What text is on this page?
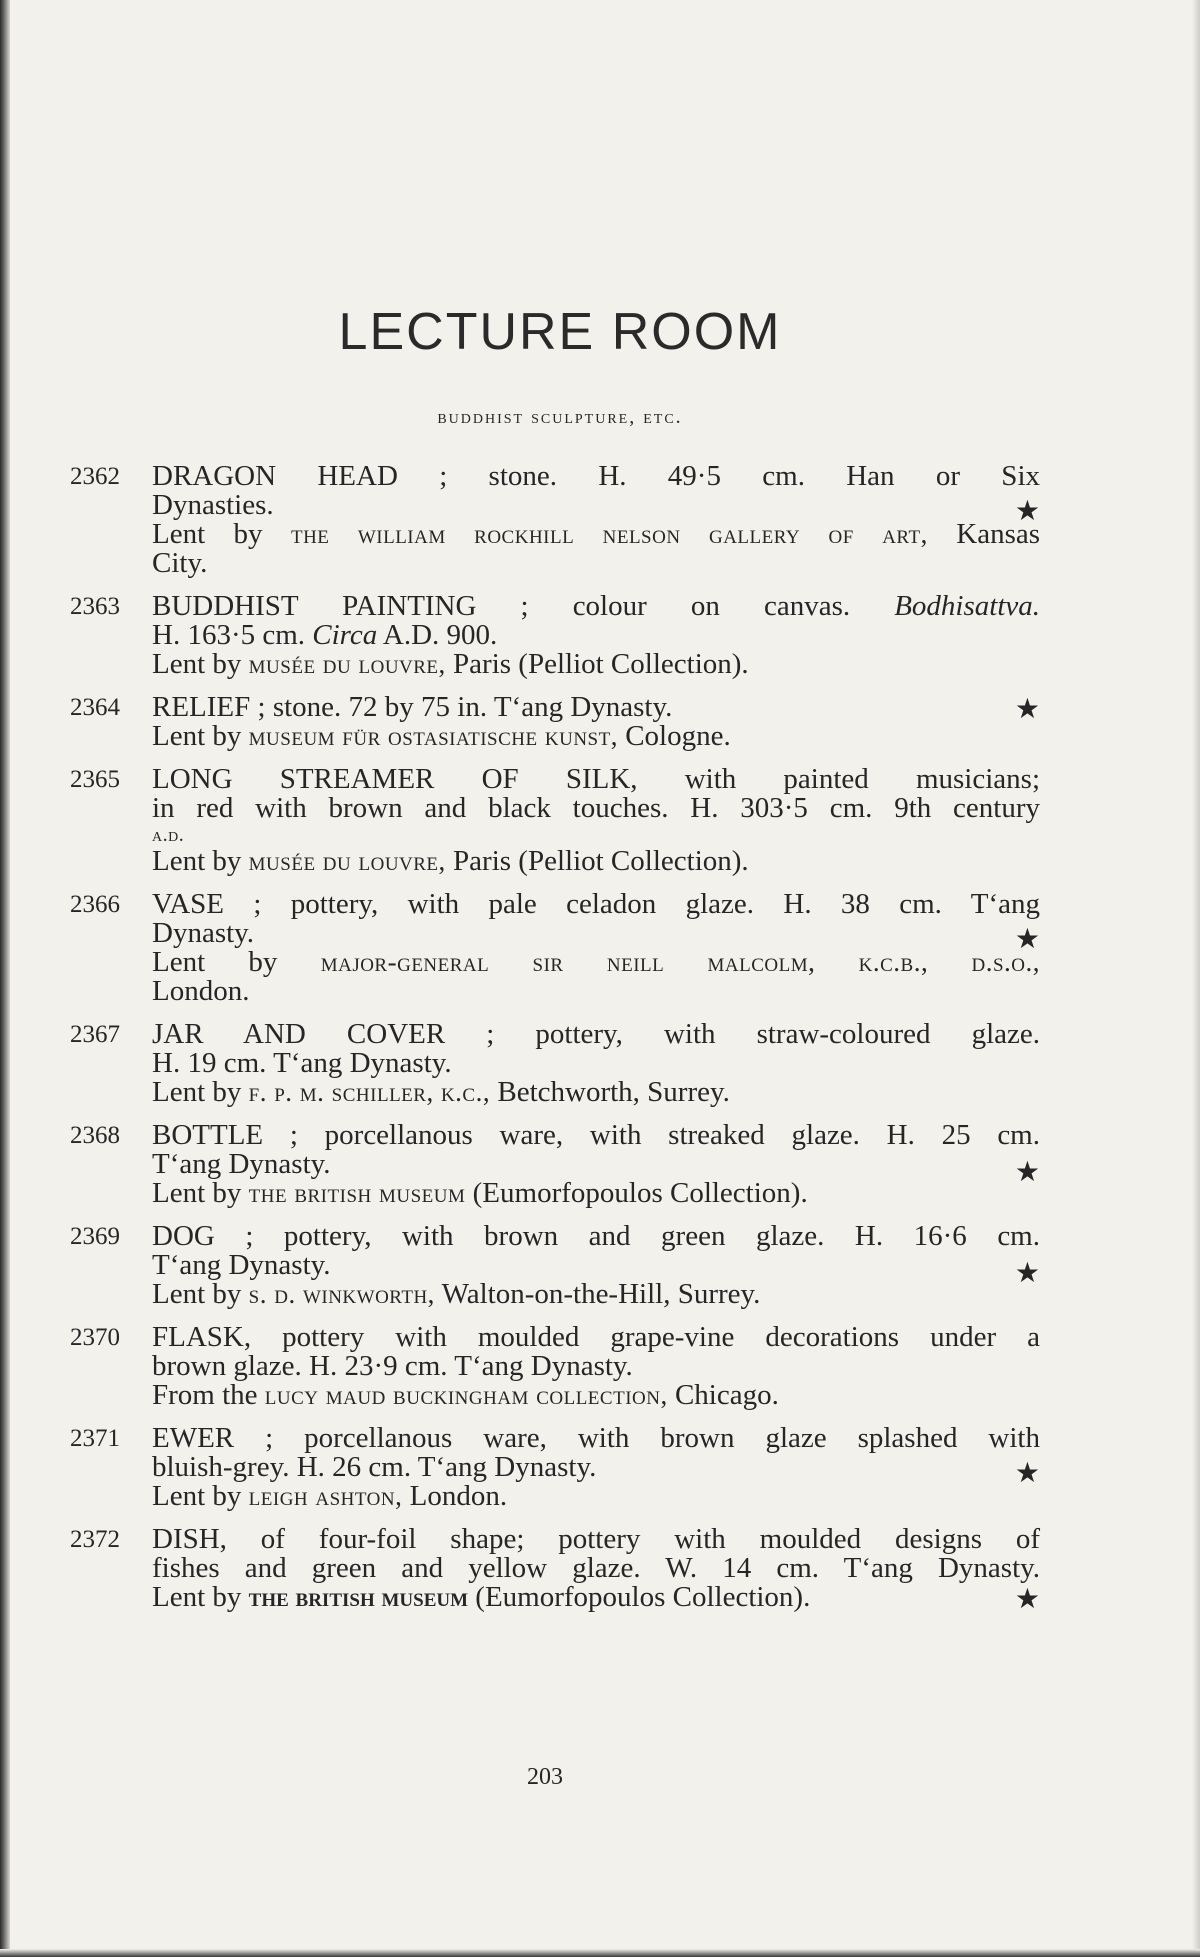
LECTURE ROOM
buddhist sculpture, etc.
2362	DRAGON HEAD ; stone. H. 49·5 cm. Han or Six
Dynasties.	★
Lent by the william rockhill nelson gallery of art, Kansas
City.
2363	BUDDHIST PAINTING ; colour on canvas. Bodhisattva.
H. 163·5 cm. Circa A.D. 900.
Lent by musée du louvre, Paris (Pelliot Collection).
2364	RELIEF ; stone. 72 by 75 in. T‘ang Dynasty.	★
Lent by museum für ostasiatische kunst, Cologne.
2365	LONG STREAMER OF SILK, with painted musicians;
in red with brown and black touches. H. 303·5 cm. 9th century
a.d.
Lent by musée du louvre, Paris (Pelliot Collection).
2366	VASE ; pottery, with pale celadon glaze. H. 38 cm. T‘ang
Dynasty.	★
Lent by major-general sir neill malcolm, k.c.b., d.s.o.,
London.
2367	JAR AND COVER ; pottery, with straw-coloured glaze.
H. 19 cm. T‘ang Dynasty.
Lent by f. p. m. schiller, k.c., Betchworth, Surrey.
2368	BOTTLE ; porcellanous ware, with streaked glaze. H. 25 cm.
T‘ang Dynasty.	★
Lent by the british museum (Eumorfopoulos Collection).
2369	DOG ; pottery, with brown and green glaze. H. 16·6 cm.
T‘ang Dynasty.	★
Lent by s. d. winkworth, Walton-on-the-Hill, Surrey.
2370	FLASK, pottery with moulded grape-vine decorations under a
brown glaze. H. 23·9 cm. T‘ang Dynasty.
From the lucy maud buckingham collection, Chicago.
2371	EWER ; porcellanous ware, with brown glaze splashed with
bluish-grey. H. 26 cm. T‘ang Dynasty.	★
Lent by leigh ashton, London.
2372	DISH, of four-foil shape; pottery with moulded designs of
fishes and green and yellow glaze. W. 14 cm. T‘ang Dynasty.
Lent by the british museum (Eumorfopoulos Collection).	★
203
